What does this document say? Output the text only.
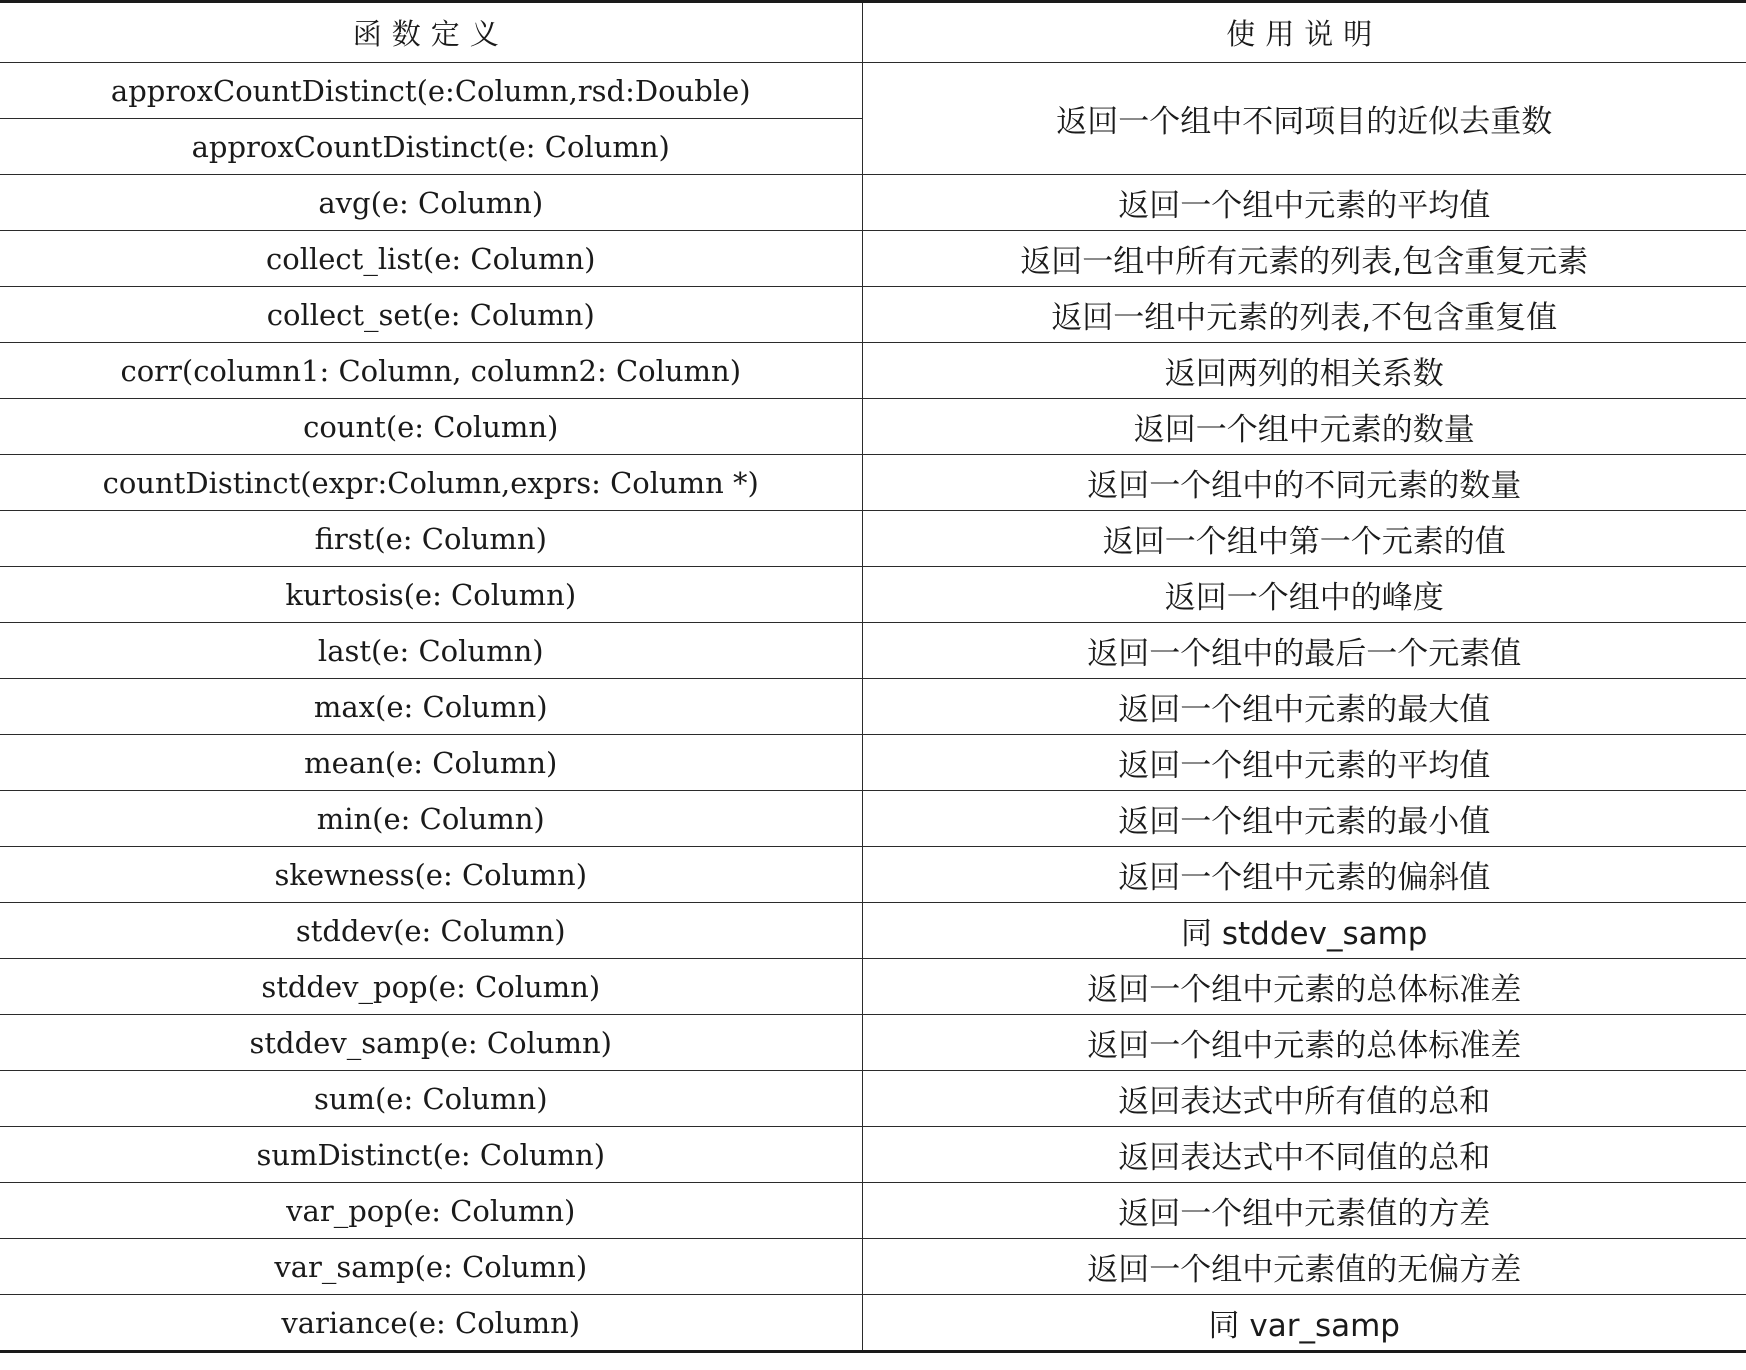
函数定义	使用说明
approxCountDistinct(e:Column,rsd:Double)	返回一个组中不同项目的近似去重数
approxCountDistinct(e: Column)	
avg(e: Column)	返回一个组中元素的平均值
collect_list(e: Column)	返回一组中所有元素的列表,包含重复元素
collect_set(e: Column)	返回一组中元素的列表,不包含重复值
corr(column1: Column, column2: Column)	返回两列的相关系数
count(e: Column)	返回一个组中元素的数量
countDistinct(expr:Column,exprs: Column *)	返回一个组中的不同元素的数量
first(e: Column)	返回一个组中第一个元素的值
kurtosis(e: Column)	返回一个组中的峰度
last(e: Column)	返回一个组中的最后一个元素值
max(e: Column)	返回一个组中元素的最大值
mean(e: Column)	返回一个组中元素的平均值
min(e: Column)	返回一个组中元素的最小值
skewness(e: Column)	返回一个组中元素的偏斜值
stddev(e: Column)	同 stddev_samp
stddev_pop(e: Column)	返回一个组中元素的总体标准差
stddev_samp(e: Column)	返回一个组中元素的总体标准差
sum(e: Column)	返回表达式中所有值的总和
sumDistinct(e: Column)	返回表达式中不同值的总和
var_pop(e: Column)	返回一个组中元素值的方差
var_samp(e: Column)	返回一个组中元素值的无偏方差
variance(e: Column)	同 var_samp
